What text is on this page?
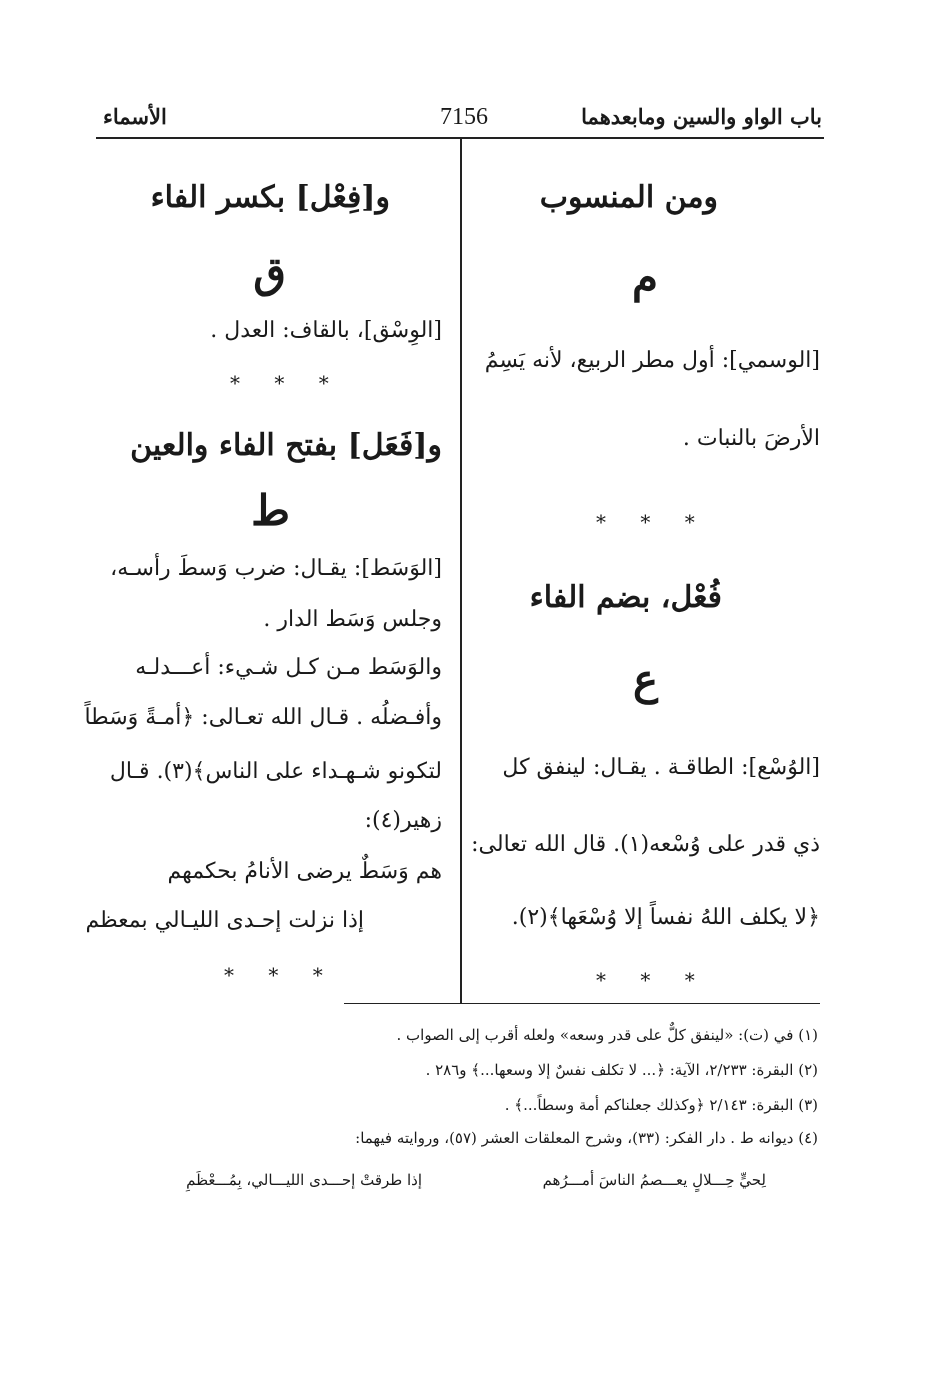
باب الواو والسين ومابعدهما
7156
الأسماء
ومن المنسوب
م
[الوسمي]: أول مطر الربيع، لأنه يَسِمُ
الأرضَ بالنبات .
* * *
فُعْل، بضم الفاء
ع
[الوُسْع]: الطاقـة . يقـال: لينفق كل
ذي قدر على وُسْعه(١). قال الله تعالى:
﴿لا يكلف اللهُ نفساً إلا وُسْعَها﴾(٢).
* * *
و[فِعْل] بكسر الفاء
ق
[الوِسْق]، بالقاف: العدل .
* * *
و[فَعَل] بفتح الفاء والعين
ط
[الوَسَط]: يقـال: ضرب وَسطَ رأسـه،
وجلس وَسَط الدار .
والوَسَط مـن كـل شـيء: أعـــدلـه
وأفـضلُه . قـال الله تعـالى: ﴿أمـةً وَسَطاً
لتكونو شـهـداء على الناس﴾(٣). قـال
زهير(٤):
هم وَسَطٌ يرضى الأنامُ بحكمهم
إذا نزلت إحـدى الليـالي بمعظم
* * *
(١) في (ت): «لينفق كلٌّ على قدر وسعه» ولعله أقرب إلى الصواب .
(٢) البقرة: ٢/٢٣٣، الآية: ﴿... لا تكلف نفسٌ إلا وسعها...﴾ و٢٨٦ .
(٣) البقرة: ٢/١٤٣ ﴿وكذلك جعلناكم أمة وسطاً...﴾ .
(٤) ديوانه ط . دار الفكر: (٣٣)، وشرح المعلقات العشر (٥٧)، وروايته فيهما:
لِحيٍّ حِـــلالٍ يعـــصمُ الناسَ أمـــرُهم
إذا طرقتْ إحـــدى الليـــالي، بِمُـــعْظَمِ
